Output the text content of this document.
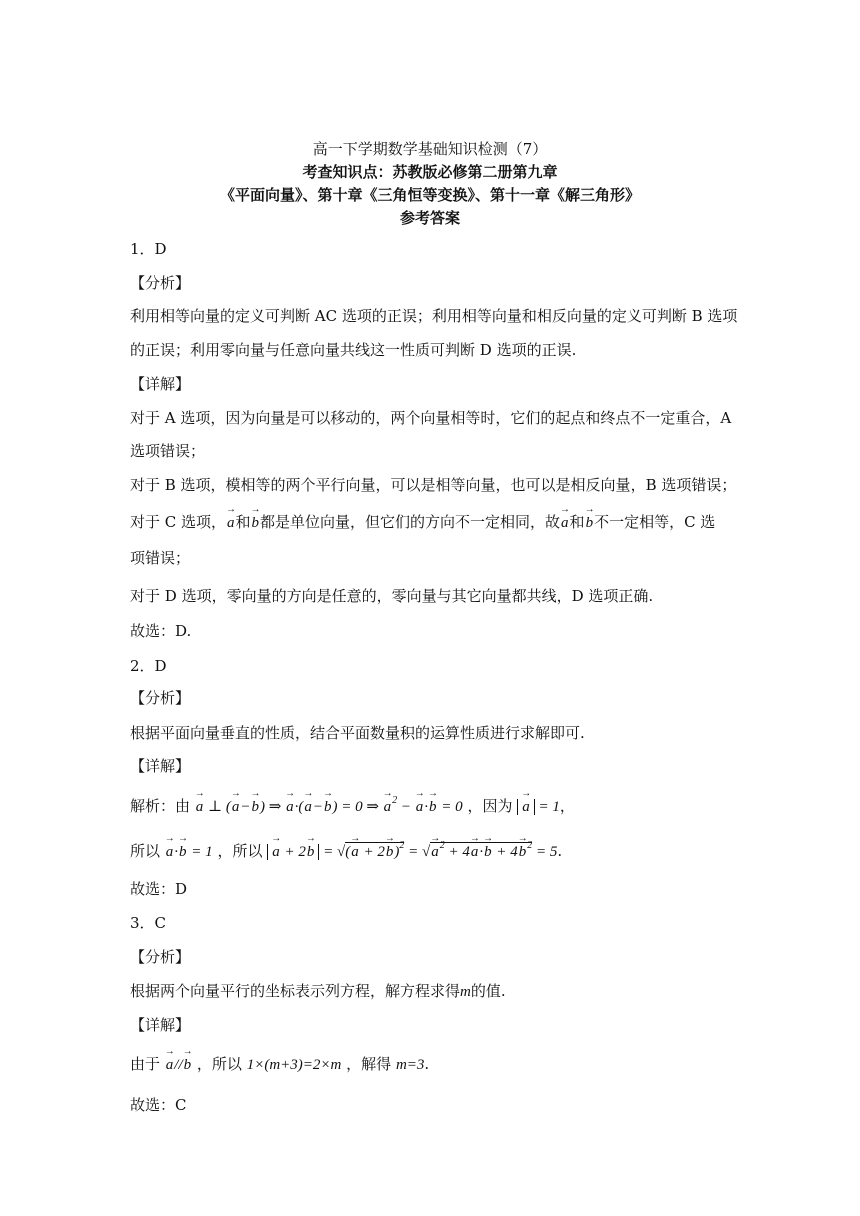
高一下学期数学基础知识检测（7）
考查知识点：苏教版必修第二册第九章
《平面向量》、第十章《三角恒等变换》、第十一章《解三角形》
参考答案
1．D
【分析】
利用相等向量的定义可判断 AC 选项的正误；利用相等向量和相反向量的定义可判断 B 选项
的正误；利用零向量与任意向量共线这一性质可判断 D 选项的正误.
【详解】
对于 A 选项，因为向量是可以移动的，两个向量相等时，它们的起点和终点不一定重合，A
选项错误；
对于 B 选项，模相等的两个平行向量，可以是相等向量，也可以是相反向量，B 选项错误；
对于 C 选项，→ a和→ b都是单位向量，但它们的方向不一定相同，故→ a和→ b不一定相等，C 选
项错误；
对于 D 选项，零向量的方向是任意的，零向量与其它向量都共线，D 选项正确.
故选：D.
2．D
【分析】
根据平面向量垂直的性质，结合平面数量积的运算性质进行求解即可.
【详解】
解析：由 → a ⊥ (→ a−→ b) ⇒ → a·(→ a−→ b) = 0 ⇒ → $a^2$ − → a·→ b = 0 ，因为 → a = 1，
所以 → a·→ b = 1 ，所以 → a + 2→ b = √(→ a + 2→ b)$^2$ = √→ $a^2 + 4\to a\cdot\to b + 4\to b^2 = 5$.
故选：D
3．C
【分析】
根据两个向量平行的坐标表示列方程，解方程求得m的值.
【详解】
由于 → a//→ b ，所以 1×(m+3)=2×m ，解得 m=3.
故选：C
